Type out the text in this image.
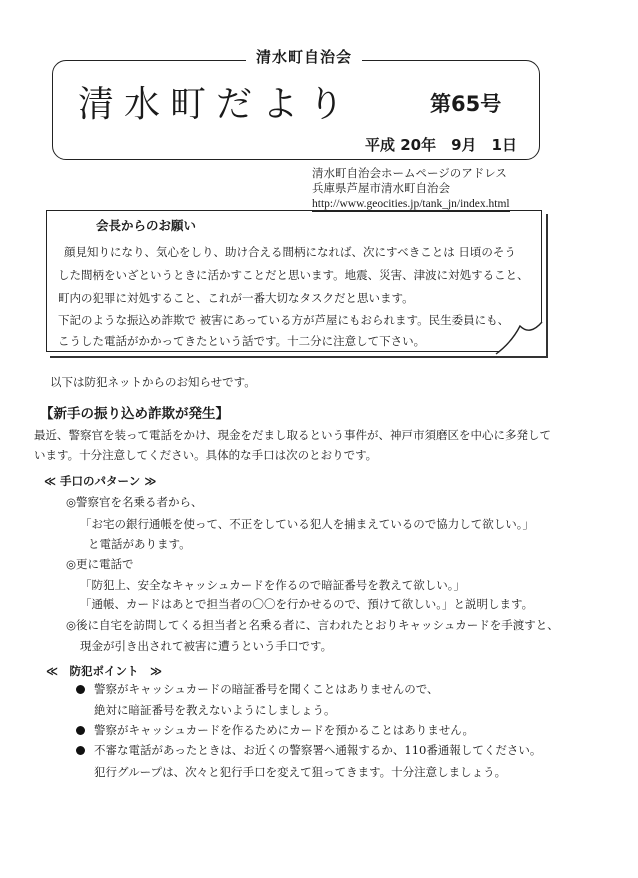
清水町自治会
清水町だより	第65号
平成 20年　9月　1日
清水町自治会ホームページのアドレス
兵庫県芦屋市清水町自治会
http://www.geocities.jp/tank_jn/index.html
会長からのお願い
顔見知りになり、気心をしり、助け合える間柄になれば、次にすべきことは 日頃のそう
した間柄をいざというときに活かすことだと思います。地震、災害、津波に対処すること、
町内の犯罪に対処すること、これが一番大切なタスクだと思います。
下記のような振込め詐欺で 被害にあっている方が芦屋にもおられます。民生委員にも、
こうした電話がかかってきたという話です。十二分に注意して下さい。
以下は防犯ネットからのお知らせです。
【新手の振り込め詐欺が発生】
最近、警察官を装って電話をかけ、現金をだまし取るという事件が、神戸市須磨区を中心に多発して
います。十分注意してください。具体的な手口は次のとおりです。
≪ 手口のパターン ≫
◎警察官を名乗る者から、
「お宅の銀行通帳を使って、不正をしている犯人を捕まえているので協力して欲しい。」
と電話があります。
◎更に電話で
「防犯上、安全なキャッシュカードを作るので暗証番号を教えて欲しい。」
「通帳、カードはあとで担当者の〇〇を行かせるので、預けて欲しい。」と説明します。
◎後に自宅を訪問してくる担当者と名乗る者に、言われたとおりキャッシュカードを手渡すと、
現金が引き出されて被害に遭うという手口です。
≪　防犯ポイント　≫
警察がキャッシュカードの暗証番号を聞くことはありませんので、
絶対に暗証番号を教えないようにしましょう。
警察がキャッシュカードを作るためにカードを預かることはありません。
不審な電話があったときは、お近くの警察署へ通報するか、110番通報してください。
犯行グループは、次々と犯行手口を変えて狙ってきます。十分注意しましょう。
